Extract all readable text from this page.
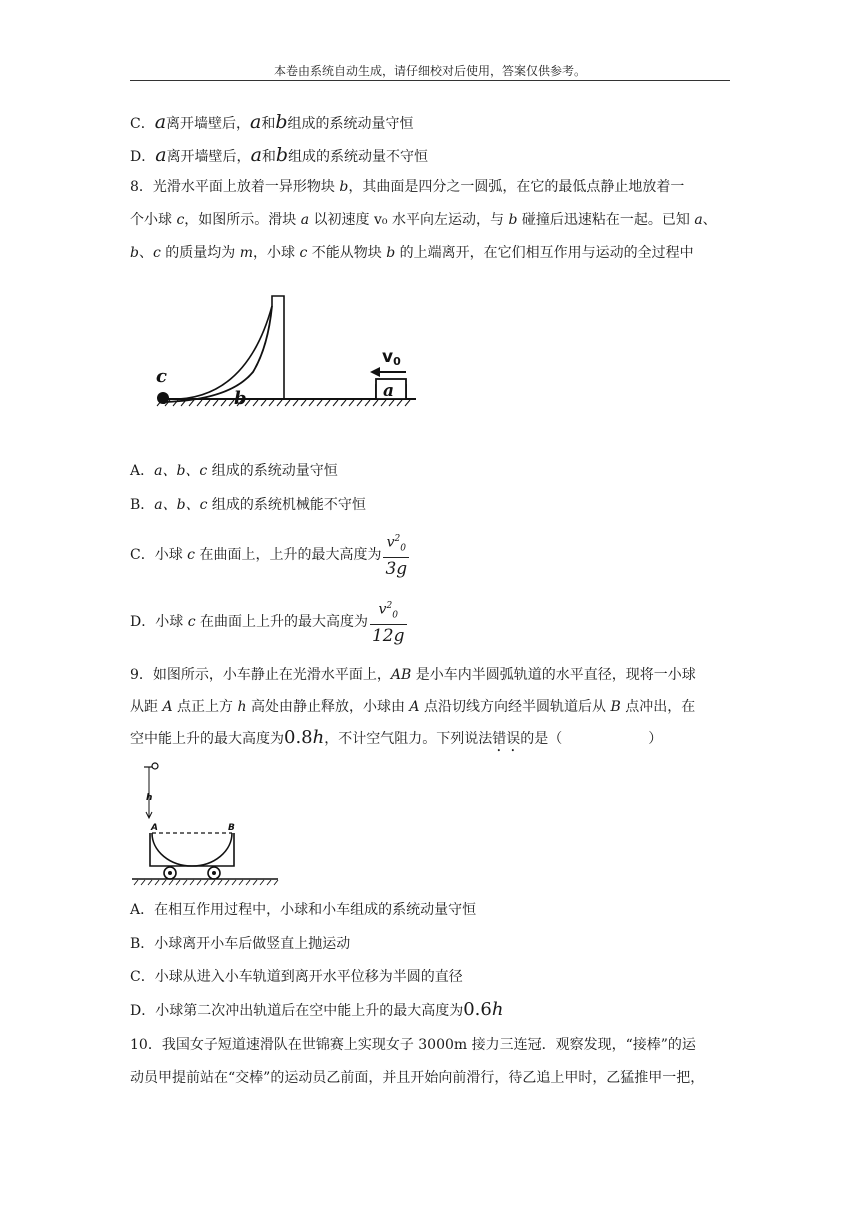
本卷由系统自动生成，请仔细校对后使用，答案仅供参考。
C．a离开墙壁后，a和b组成的系统动量守恒
D．a离开墙壁后，a和b组成的系统动量不守恒
8．光滑水平面上放着一异形物块 b，其曲面是四分之一圆弧，在它的最低点静止地放着一
个小球 c，如图所示。滑块 a 以初速度 v₀ 水平向左运动，与 b 碰撞后迅速粘在一起。已知 a、
b、c 的质量均为 m，小球 c 不能从物块 b 的上端离开，在它们相互作用与运动的全过程中
c
b	a
v0
A．a、b、c 组成的系统动量守恒
B．a、b、c 组成的系统机械能不守恒
C．小球 c 在曲面上，上升的最大高度为 $\frac{v^2_0}{3g}$
D．小球 c 在曲面上上升的最大高度为 $\frac{v^2_0}{12g}$
9．如图所示，小车静止在光滑水平面上，AB 是小车内半圆弧轨道的水平直径，现将一小球
从距 A 点正上方 h 高处由静止释放，小球由 A 点沿切线方向经半圆轨道后从 B 点冲出，在
空中能上升的最大高度为0.8h，不计空气阻力。下列说法错误的是（	）
h
A	B
A．在相互作用过程中，小球和小车组成的系统动量守恒
B．小球离开小车后做竖直上抛运动
C．小球从进入小车轨道到离开水平位移为半圆的直径
D．小球第二次冲出轨道后在空中能上升的最大高度为0.6h
10．我国女子短道速滑队在世锦赛上实现女子 3000m 接力三连冠．观察发现，“接棒”的运
动员甲提前站在“交棒”的运动员乙前面，并且开始向前滑行，待乙追上甲时，乙猛推甲一把，
